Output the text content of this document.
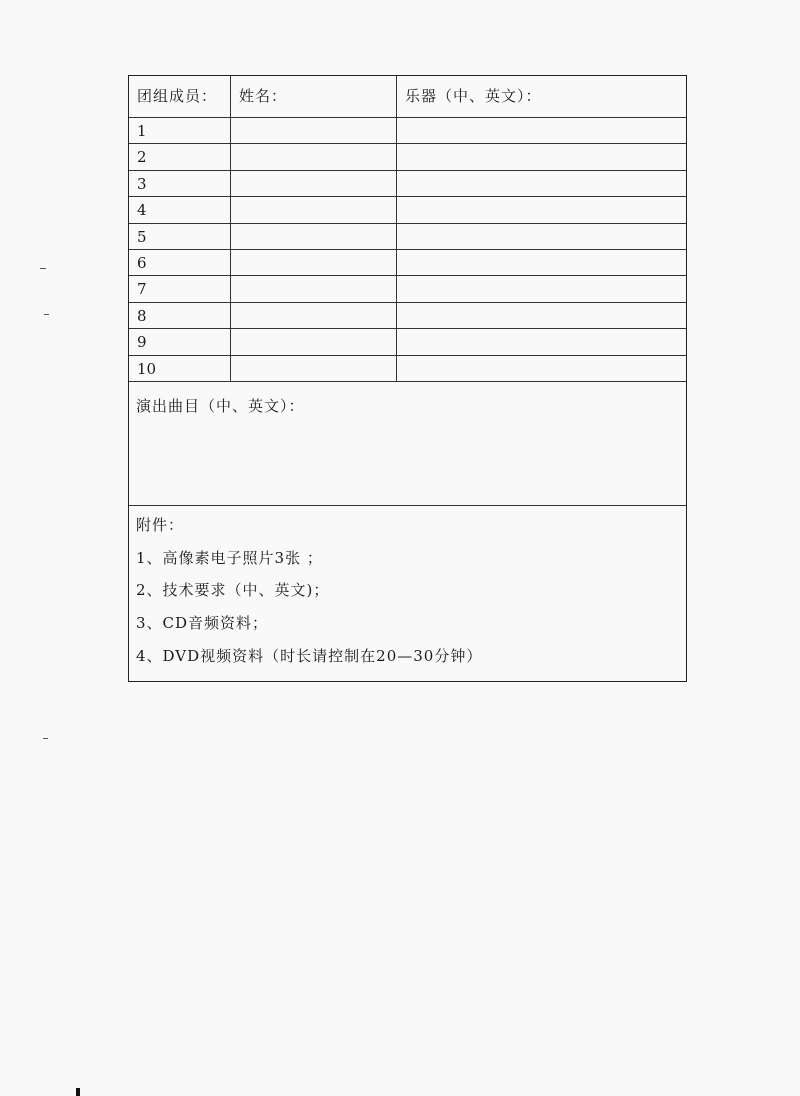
团组成员：	姓名：	乐器（中、英文）：
1
2
3
4
5
6
7
8
9
10
演出曲目（中、英文）：
附件：
1、高像素电子照片3张 ；
2、技术要求（中、英文)；
3、CD音频资料；
4、DVD视频资料（时长请控制在20—30分钟）
